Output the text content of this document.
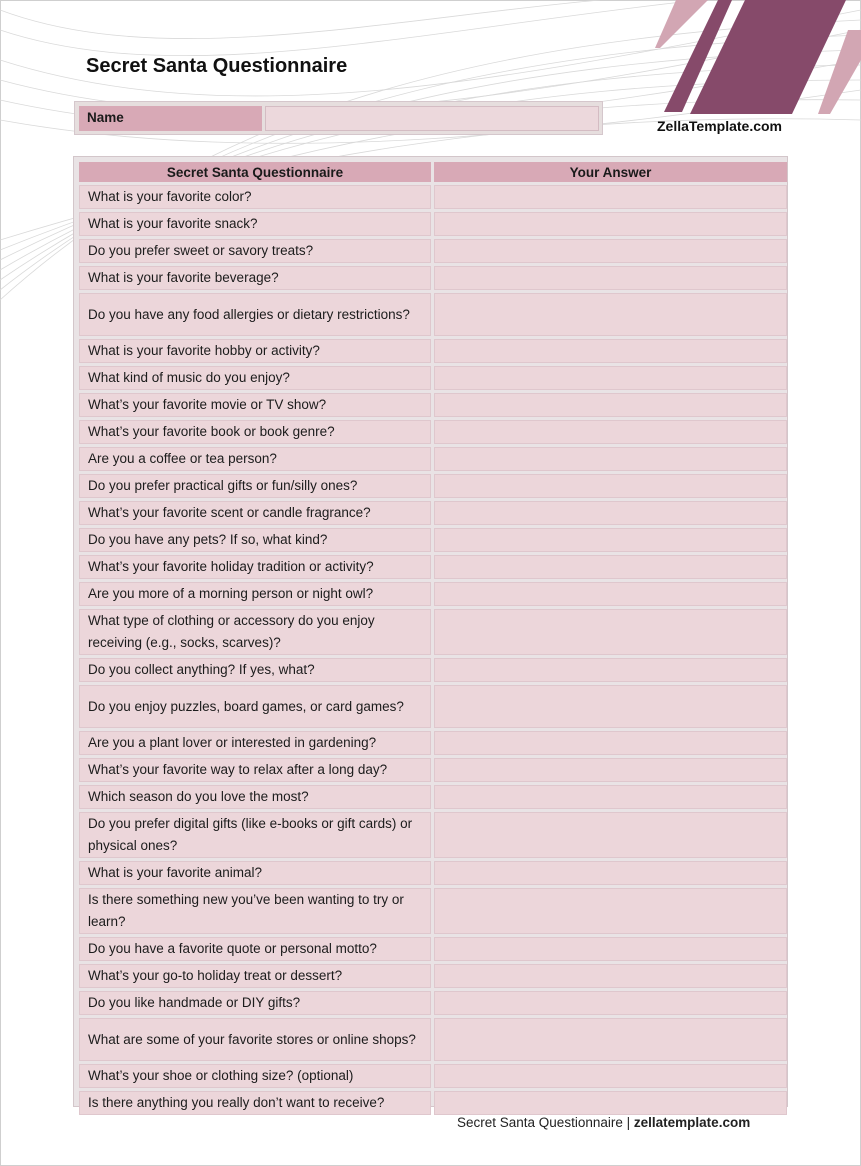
Secret Santa Questionnaire
ZellaTemplate.com
Name
Secret Santa Questionnaire	Your Answer
What is your favorite color?	
What is your favorite snack?	
Do you prefer sweet or savory treats?	
What is your favorite beverage?	
Do you have any food allergies or dietary restrictions?	
What is your favorite hobby or activity?	
What kind of music do you enjoy?	
What’s your favorite movie or TV show?	
What’s your favorite book or book genre?	
Are you a coffee or tea person?	
Do you prefer practical gifts or fun/silly ones?	
What’s your favorite scent or candle fragrance?	
Do you have any pets? If so, what kind?	
What’s your favorite holiday tradition or activity?	
Are you more of a morning person or night owl?	
What type of clothing or accessory do you enjoy receiving (e.g., socks, scarves)?	
Do you collect anything? If yes, what?	
Do you enjoy puzzles, board games, or card games?	
Are you a plant lover or interested in gardening?	
What’s your favorite way to relax after a long day?	
Which season do you love the most?	
Do you prefer digital gifts (like e-books or gift cards) or physical ones?	
What is your favorite animal?	
Is there something new you’ve been wanting to try or learn?	
Do you have a favorite quote or personal motto?	
What’s your go-to holiday treat or dessert?	
Do you like handmade or DIY gifts?	
What are some of your favorite stores or online shops?	
What’s your shoe or clothing size? (optional)	
Is there anything you really don’t want to receive?	
Secret Santa Questionnaire | zellatemplate.com
